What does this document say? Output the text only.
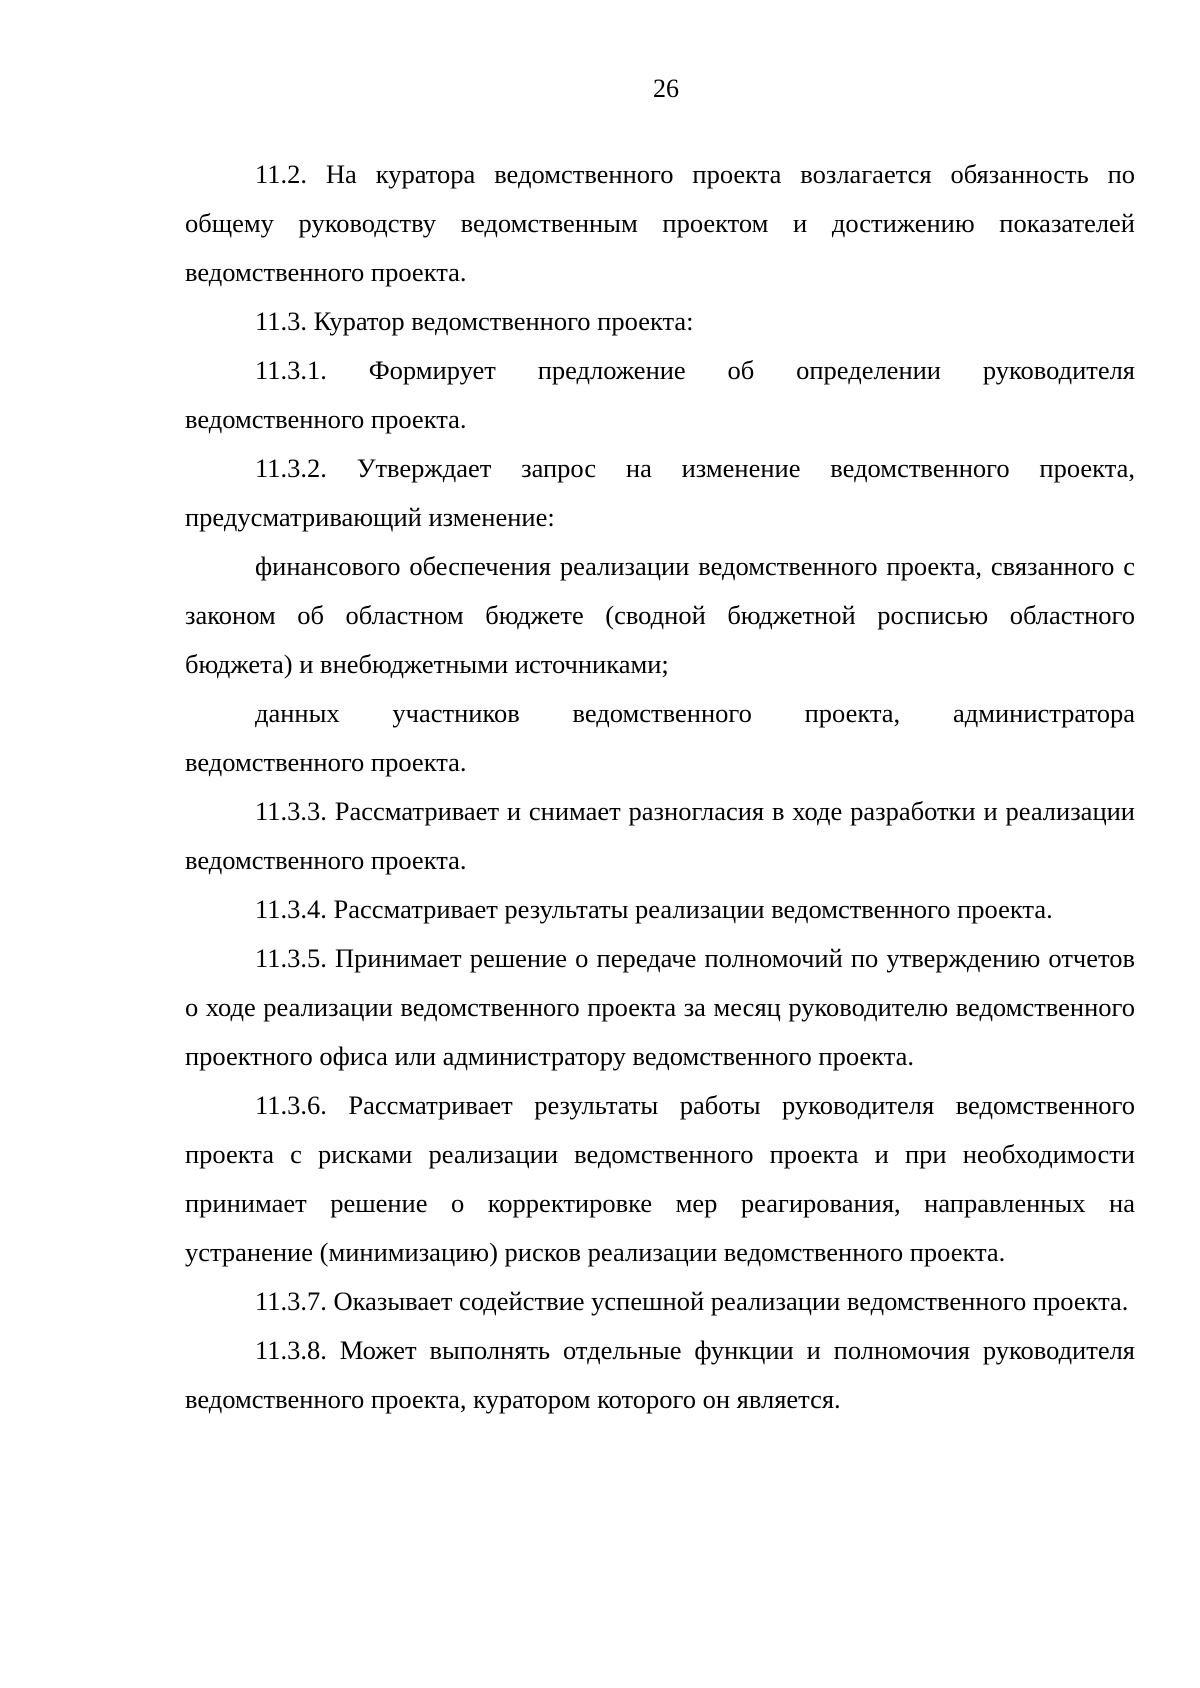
26

11.2. На куратора ведомственного проекта возлагается обязанность по общему руководству ведомственным проектом и достижению показателей ведомственного проекта.

11.3. Куратор ведомственного проекта:

11.3.1. Формирует предложение об определении руководителя ведомственного проекта.

11.3.2. Утверждает запрос на изменение ведомственного проекта, предусматривающий изменение:

финансового обеспечения реализации ведомственного проекта, связанного с законом об областном бюджете (сводной бюджетной росписью областного бюджета) и внебюджетными источниками;

данных участников ведомственного проекта, администратора ведомственного проекта.

11.3.3. Рассматривает и снимает разногласия в ходе разработки и реализации ведомственного проекта.

11.3.4. Рассматривает результаты реализации ведомственного проекта.

11.3.5. Принимает решение о передаче полномочий по утверждению отчетов о ходе реализации ведомственного проекта за месяц руководителю ведомственного проектного офиса или администратору ведомственного проекта.

11.3.6. Рассматривает результаты работы руководителя ведомственного проекта с рисками реализации ведомственного проекта и при необходимости принимает решение о корректировке мер реагирования, направленных на устранение (минимизацию) рисков реализации ведомственного проекта.

11.3.7. Оказывает содействие успешной реализации ведомственного проекта.

11.3.8. Может выполнять отдельные функции и полномочия руководителя ведомственного проекта, куратором которого он является.
